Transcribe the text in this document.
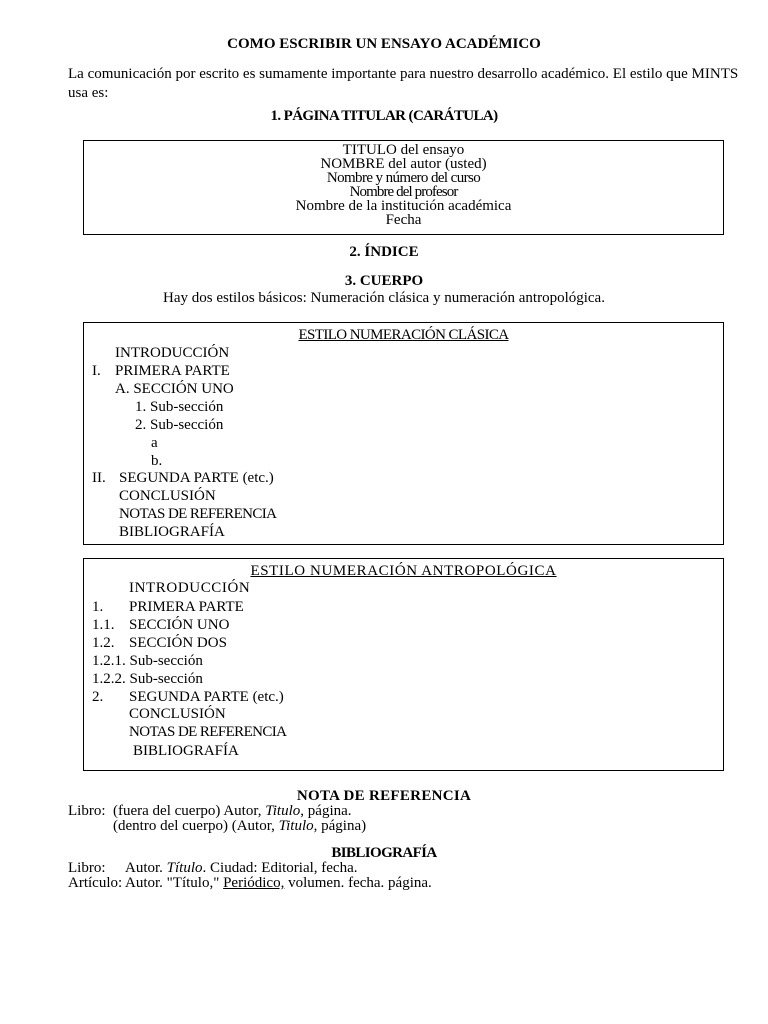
COMO ESCRIBIR UN ENSAYO ACADÉMICO
La comunicación por escrito es sumamente importante para nuestro desarrollo académico. El estilo que MINTS
usa es:
1. PÁGINA TITULAR (CARÁTULA)
TITULO del ensayo
NOMBRE del autor (usted)
Nombre y número del curso
Nombre del profesor
Nombre de la institución académica
Fecha
2. ÍNDICE
3. CUERPO
Hay dos estilos básicos: Numeración clásica y numeración antropológica.
ESTILO NUMERACIÓN CLÁSICA
INTRODUCCIÓN
I. PRIMERA PARTE
A. SECCIÓN UNO
1. Sub-sección
2. Sub-sección
a
b.
II. SEGUNDA PARTE (etc.)
CONCLUSIÓN
NOTAS DE REFERENCIA
BIBLIOGRAFÍA
ESTILO NUMERACIÓN ANTROPOLÓGICA
INTRODUCCIÓN
1. PRIMERA PARTE
1.1. SECCIÓN UNO
1.2. SECCIÓN DOS
1.2.1. Sub-sección
1.2.2. Sub-sección
2. SEGUNDA PARTE (etc.)
CONCLUSIÓN
NOTAS DE REFERENCIA
BIBLIOGRAFÍA
NOTA DE REFERENCIA
Libro: (fuera del cuerpo) Autor, Titulo, página.
(dentro del cuerpo) (Autor, Titulo, página)
BIBLIOGRAFÍA
Libro: Autor. Título. Ciudad: Editorial, fecha.
Artículo: Autor. "Título," Periódico, volumen. fecha. página.
